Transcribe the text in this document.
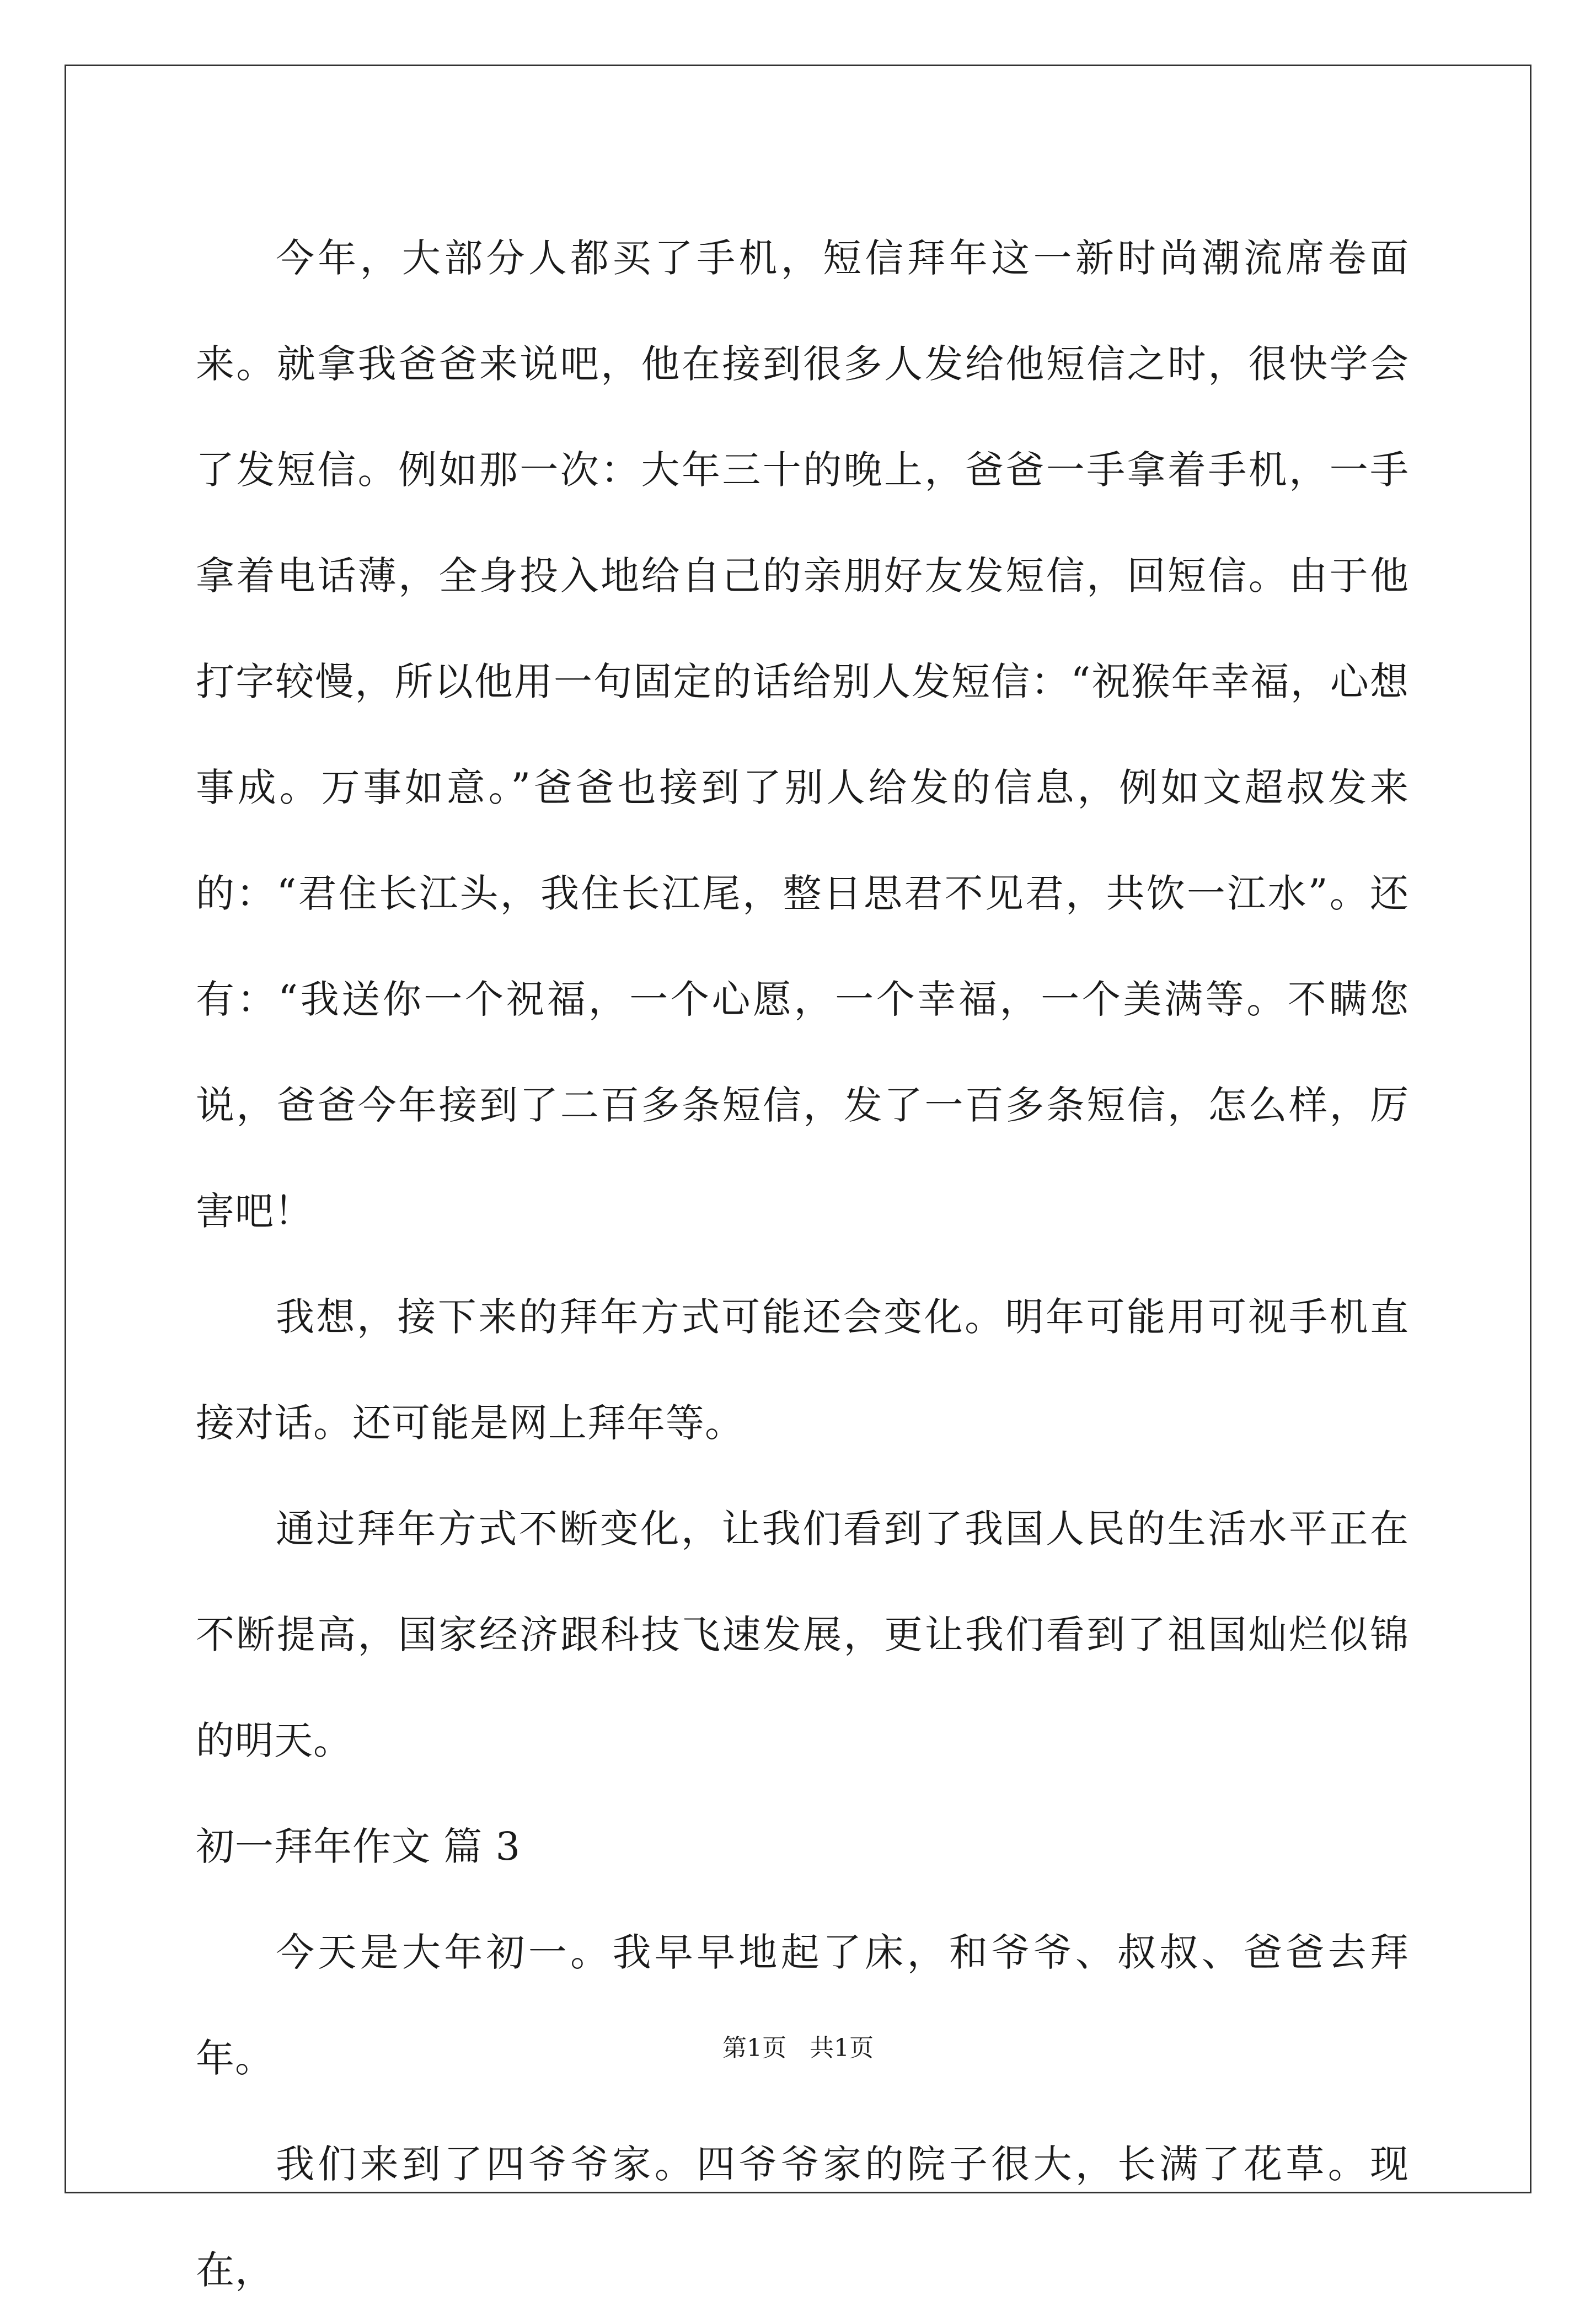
今年，大部分人都买了手机，短信拜年这一新时尚潮流席卷面来。就拿我爸爸来说吧，他在接到很多人发给他短信之时，很快学会了发短信。例如那一次：大年三十的晚上，爸爸一手拿着手机，一手拿着电话薄，全身投入地给自己的亲朋好友发短信，回短信。由于他打字较慢，所以他用一句固定的话给别人发短信：“祝猴年幸福，心想事成。万事如意。”爸爸也接到了别人给发的信息，例如文超叔发来的：“君住长江头，我住长江尾，整日思君不见君，共饮一江水”。还有：“我送你一个祝福，一个心愿，一个幸福，一个美满等。不瞒您说，爸爸今年接到了二百多条短信，发了一百多条短信，怎么样，厉害吧！

我想，接下来的拜年方式可能还会变化。明年可能用可视手机直接对话。还可能是网上拜年等。

通过拜年方式不断变化，让我们看到了我国人民的生活水平正在不断提高，国家经济跟科技飞速发展，更让我们看到了祖国灿烂似锦的明天。

初一拜年作文 篇 3

今天是大年初一。我早早地起了床，和爷爷、叔叔、爸爸去拜年。

我们来到了四爷爷家。四爷爷家的院子很大，长满了花草。现在，

第1页   共1页
